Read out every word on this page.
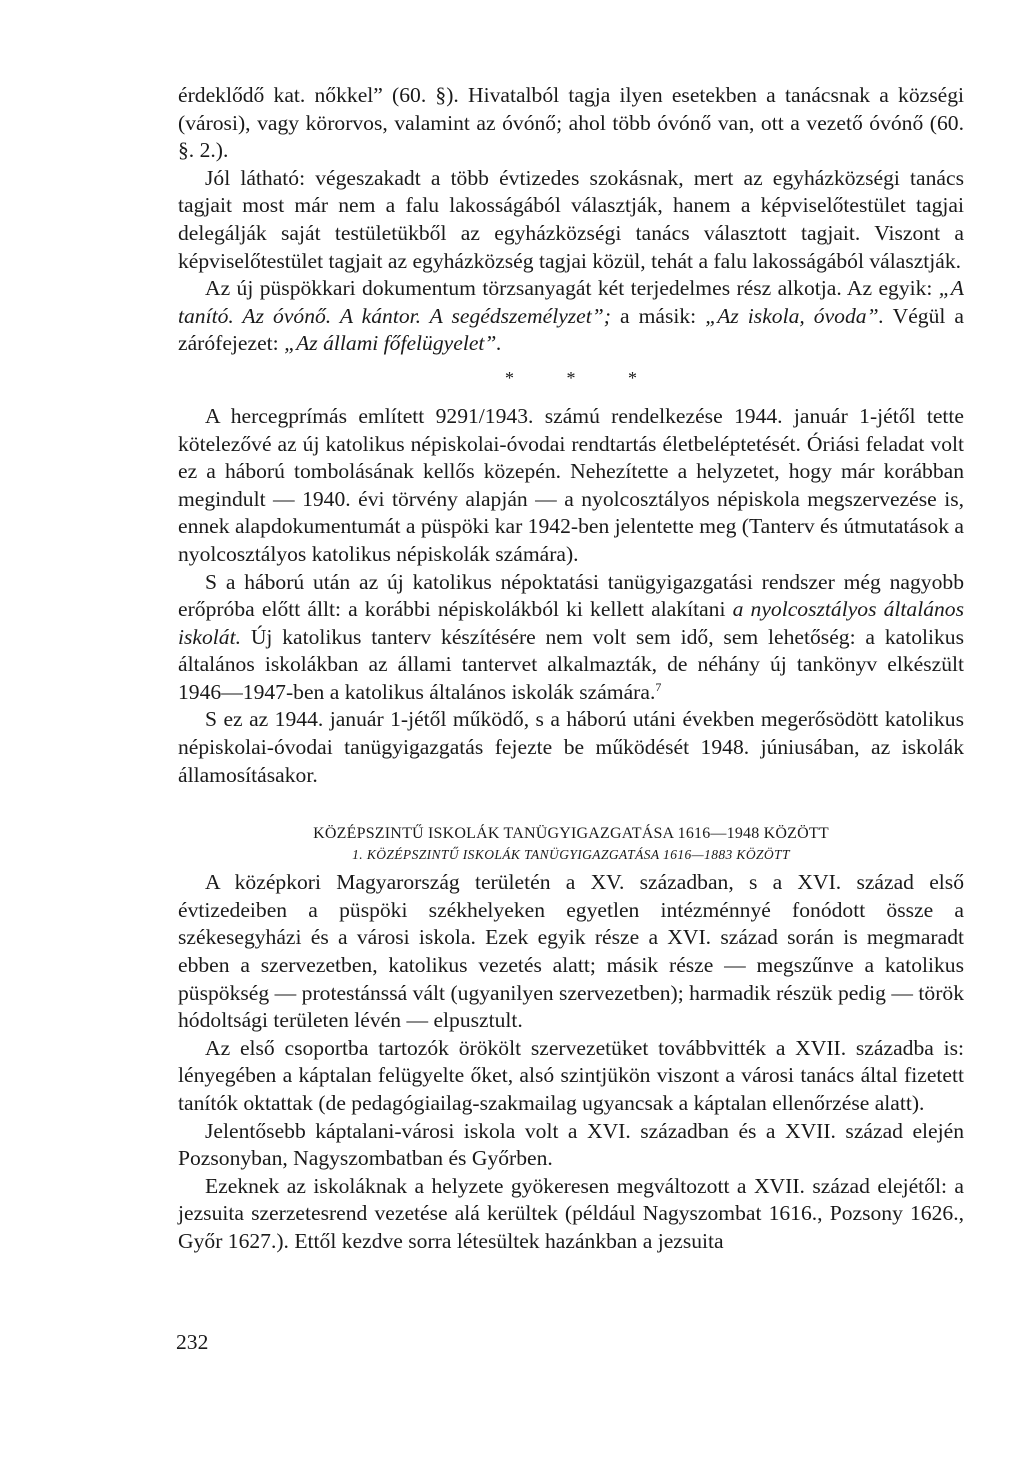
érdeklődő kat. nőkkel” (60. §). Hivatalból tagja ilyen esetekben a tanácsnak a községi (városi), vagy körorvos, valamint az óvónő; ahol több óvónő van, ott a vezető óvónő (60. §. 2.).

Jól látható: végeszakadt a több évtizedes szokásnak, mert az egyházközségi tanács tagjait most már nem a falu lakosságából választják, hanem a képviselőtestület tagjai delegálják saját testületükből az egyházközségi tanács választott tagjait. Viszont a képviselőtestület tagjait az egyházközség tagjai közül, tehát a falu lakosságából választják.

Az új püspökkari dokumentum törzsanyagát két terjedelmes rész alkotja. Az egyik: „A tanító. Az óvónő. A kántor. A segédszemélyzet”; a másik: „Az iskola, óvoda”. Végül a zárófejezet: „Az állami főfelügyelet”.

* * *

A hercegprímás említett 9291/1943. számú rendelkezése 1944. január 1-jétől tette kötelezővé az új katolikus népiskolai-óvodai rendtartás életbeléptetését. Óriási feladat volt ez a háború tombolásának kellős közepén. Nehezítette a helyzetet, hogy már korábban megindult — 1940. évi törvény alapján — a nyolcosztályos népiskola megszervezése is, ennek alapdokumentumát a püspöki kar 1942-ben jelentette meg (Tanterv és útmutatások a nyolcosztályos katolikus népiskolák számára).

S a háború után az új katolikus népoktatási tanügyigazgatási rendszer még nagyobb erőpróba előtt állt: a korábbi népiskolákból ki kellett alakítani a nyolcosztályos általános iskolát. Új katolikus tanterv készítésére nem volt sem idő, sem lehetőség: a katolikus általános iskolákban az állami tantervet alkalmazták, de néhány új tankönyv elkészült 1946—1947-ben a katolikus általános iskolák számára.$^7$

S ez az 1944. január 1-jétől működő, s a háború utáni években megerősödött katolikus népiskolai-óvodai tanügyigazgatás fejezte be működését 1948. júniusában, az iskolák államosításakor.

KÖZÉPSZINTŰ ISKOLÁK TANÜGYIGAZGATÁSA 1616—1948 KÖZÖTT
1. KÖZÉPSZINTŰ ISKOLÁK TANÜGYIGAZGATÁSA 1616—1883 KÖZÖTT

A középkori Magyarország területén a XV. században, s a XVI. század első évtizedeiben a püspöki székhelyeken egyetlen intézménnyé fonódott össze a székesegyházi és a városi iskola. Ezek egyik része a XVI. század során is megmaradt ebben a szervezetben, katolikus vezetés alatt; másik része — megszűnve a katolikus püspökség — protestánssá vált (ugyanilyen szervezetben); harmadik részük pedig — török hódoltsági területen lévén — elpusztult.

Az első csoportba tartozók örökölt szervezetüket továbbvitték a XVII. századba is: lényegében a káptalan felügyelte őket, alsó szintjükön viszont a városi tanács által fizetett tanítók oktattak (de pedagógiailag-szakmailag ugyancsak a káptalan ellenőrzése alatt).

Jelentősebb káptalani-városi iskola volt a XVI. században és a XVII. század elején Pozsonyban, Nagyszombatban és Győrben.

Ezeknek az iskoláknak a helyzete gyökeresen megváltozott a XVII. század elejétől: a jezsuita szerzetesrend vezetése alá kerültek (például Nagyszombat 1616., Pozsony 1626., Győr 1627.). Ettől kezdve sorra létesültek hazánkban a jezsuita

232
